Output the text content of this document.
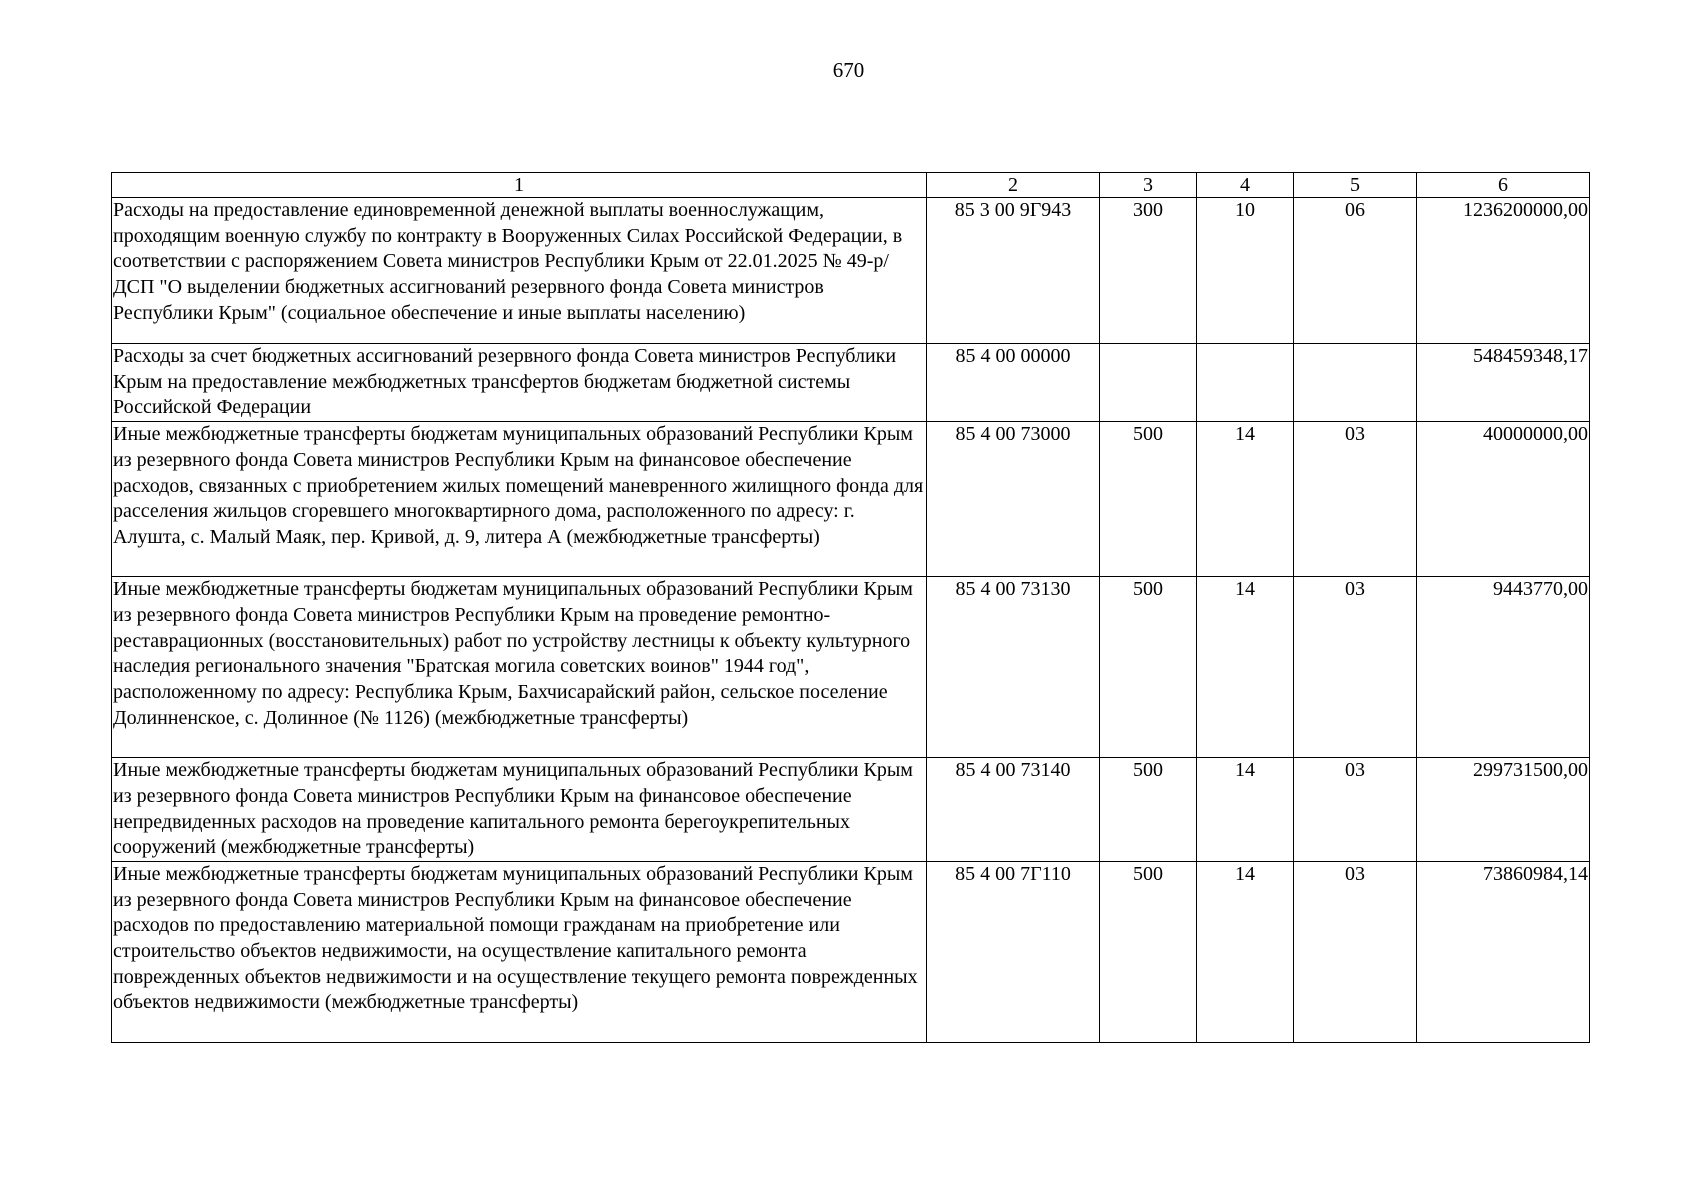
670
1	2	3	4	5	6
Расходы на предоставление единовременной денежной выплаты военнослужащим, проходящим военную службу по контракту в Вооруженных Силах Российской Федерации, в соответствии с распоряжением Совета министров Республики Крым от 22.01.2025 № 49-р/ДСП "О выделении бюджетных ассигнований резервного фонда Совета министров Республики Крым" (социальное обеспечение и иные выплаты населению)	85 3 00 9Г943	300	10	06	1236200000,00
Расходы за счет бюджетных ассигнований резервного фонда Совета министров Республики Крым на предоставление межбюджетных трансфертов бюджетам бюджетной системы Российской Федерации	85 4 00 00000				548459348,17
Иные межбюджетные трансферты бюджетам муниципальных образований Республики Крым из резервного фонда Совета министров Республики Крым на финансовое обеспечение расходов, связанных с приобретением жилых помещений маневренного жилищного фонда для расселения жильцов сгоревшего многоквартирного дома, расположенного по адресу: г. Алушта, с. Малый Маяк, пер. Кривой, д. 9, литера А (межбюджетные трансферты)	85 4 00 73000	500	14	03	40000000,00
Иные межбюджетные трансферты бюджетам муниципальных образований Республики Крым из резервного фонда Совета министров Республики Крым на проведение ремонтно-реставрационных (восстановительных) работ по устройству лестницы к объекту культурного наследия регионального значения "Братская могила советских воинов" 1944 год", расположенному по адресу: Республика Крым, Бахчисарайский район, сельское поселение Долинненское, с. Долинное (№ 1126) (межбюджетные трансферты)	85 4 00 73130	500	14	03	9443770,00
Иные межбюджетные трансферты бюджетам муниципальных образований Республики Крым из резервного фонда Совета министров Республики Крым на финансовое обеспечение непредвиденных расходов на проведение капитального ремонта берегоукрепительных сооружений (межбюджетные трансферты)	85 4 00 73140	500	14	03	299731500,00
Иные межбюджетные трансферты бюджетам муниципальных образований Республики Крым из резервного фонда Совета министров Республики Крым на финансовое обеспечение расходов по предоставлению материальной помощи гражданам на приобретение или строительство объектов недвижимости, на осуществление капитального ремонта поврежденных объектов недвижимости и на осуществление текущего ремонта поврежденных объектов недвижимости (межбюджетные трансферты)	85 4 00 7Г110	500	14	03	73860984,14
